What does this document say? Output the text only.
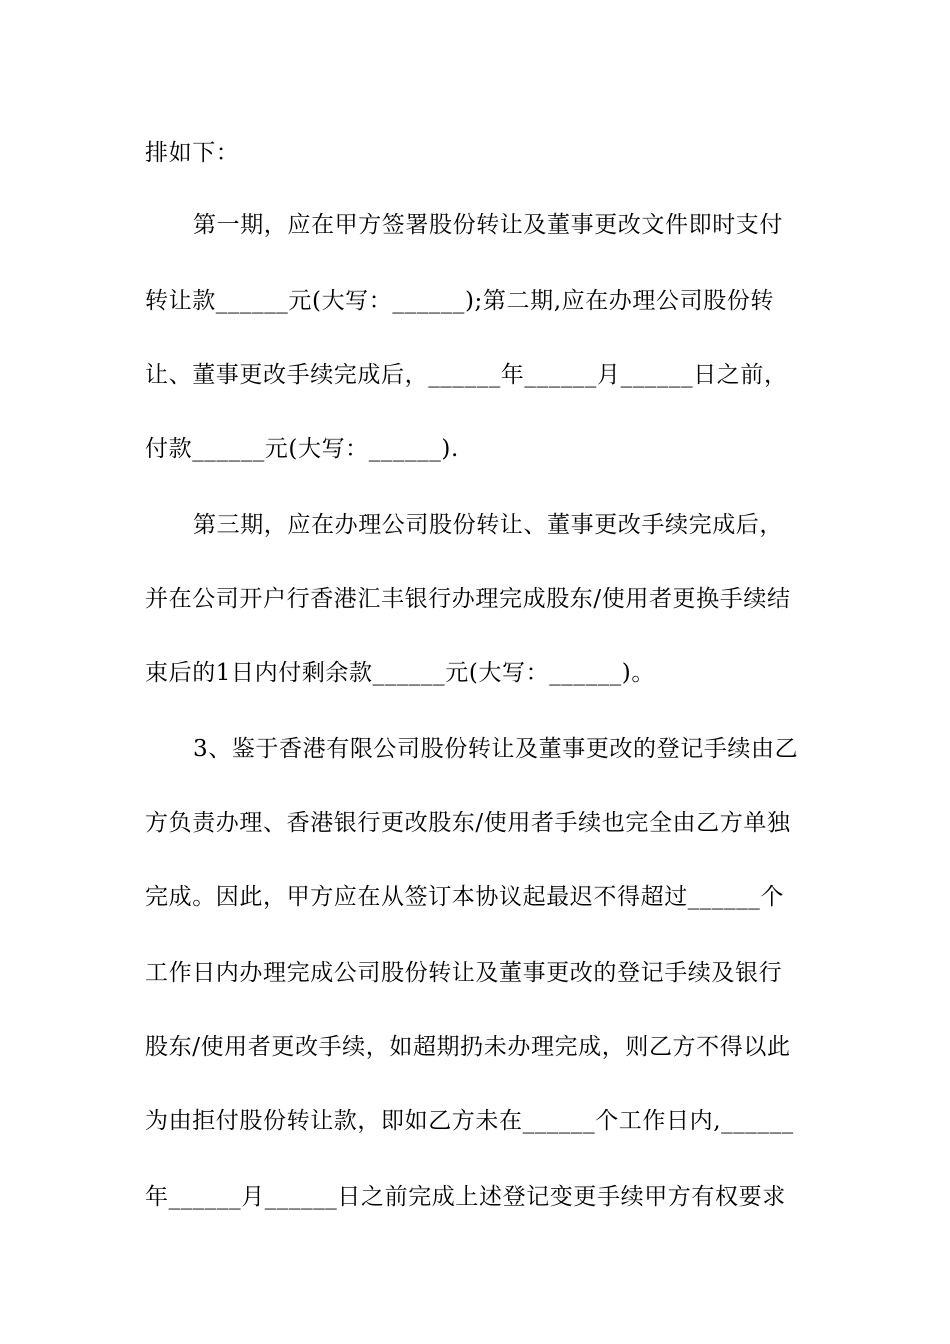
排如下：
第一期，应在甲方签署股份转让及董事更改文件即时支付
转让款______元(大写：______);第二期,应在办理公司股份转
让、董事更改手续完成后，______年______月______日之前，
付款______元(大写：______).
第三期，应在办理公司股份转让、董事更改手续完成后，
并在公司开户行香港汇丰银行办理完成股东/使用者更换手续结
束后的1日内付剩余款______元(大写：______)。
3、鉴于香港有限公司股份转让及董事更改的登记手续由乙
方负责办理、香港银行更改股东/使用者手续也完全由乙方单独
完成。因此，甲方应在从签订本协议起最迟不得超过______个
工作日内办理完成公司股份转让及董事更改的登记手续及银行
股东/使用者更改手续，如超期扔未办理完成，则乙方不得以此
为由拒付股份转让款，即如乙方未在______个工作日内,______
年______月______日之前完成上述登记变更手续甲方有权要求
